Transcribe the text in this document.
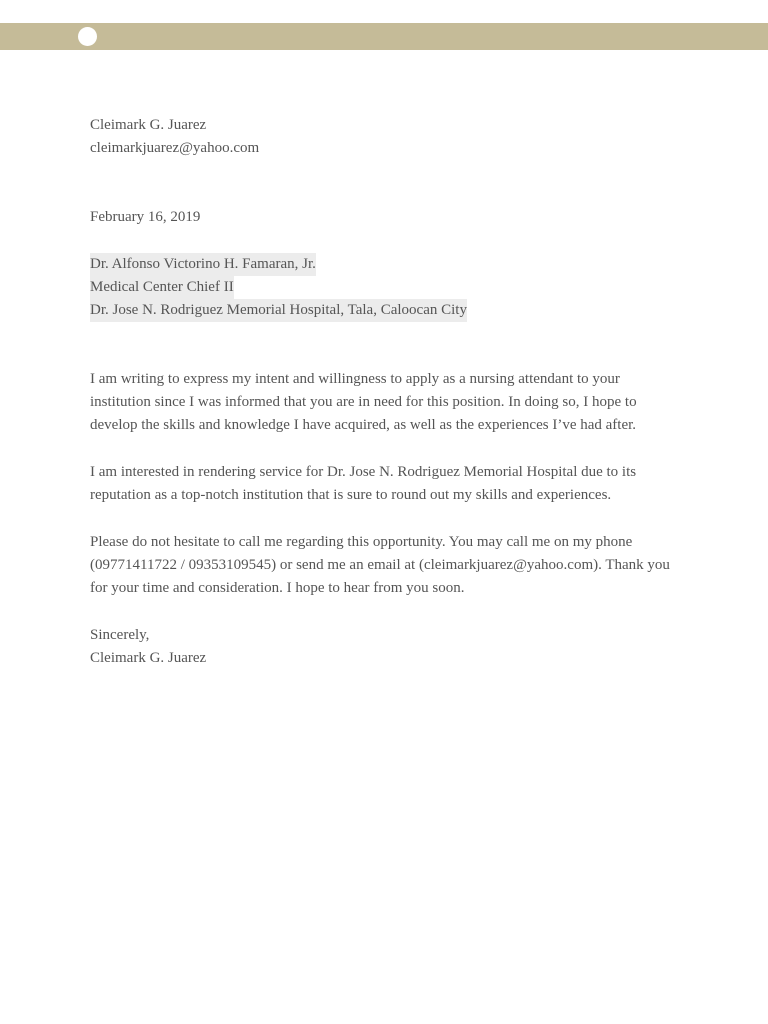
Cleimark G. Juarez
cleimarkjuarez@yahoo.com
February 16, 2019
Dr. Alfonso Victorino H. Famaran, Jr.
Medical Center Chief II
Dr. Jose N. Rodriguez Memorial Hospital, Tala, Caloocan City
I am writing to express my intent and willingness to apply as a nursing attendant to your
institution since I was informed that you are in need for this position. In doing so, I hope to
develop the skills and knowledge I have acquired, as well as the experiences I’ve had after.
I am interested in rendering service for Dr. Jose N. Rodriguez Memorial Hospital due to its
reputation as a top-notch institution that is sure to round out my skills and experiences.
Please do not hesitate to call me regarding this opportunity. You may call me on my phone
(09771411722 / 09353109545) or send me an email at (cleimarkjuarez@yahoo.com). Thank you
for your time and consideration. I hope to hear from you soon.
Sincerely,
Cleimark G. Juarez
